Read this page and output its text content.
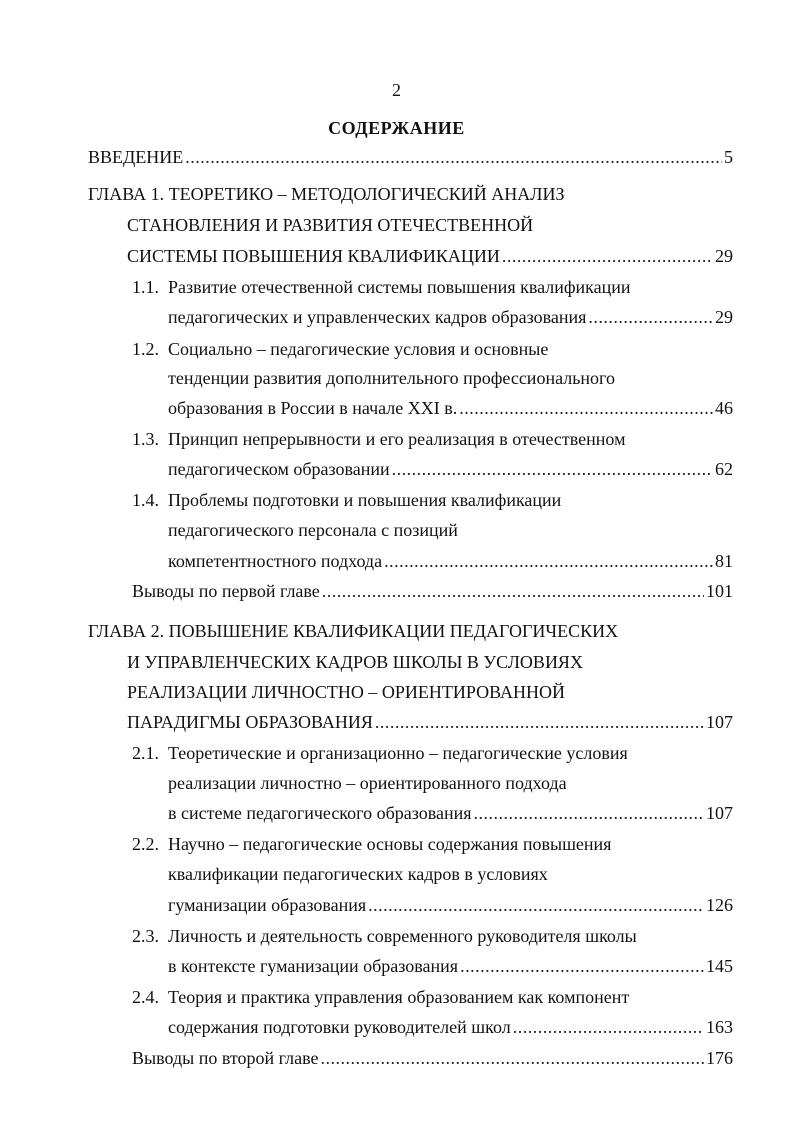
2
СОДЕРЖАНИЕ
ВВЕДЕНИЕ .....	5
ГЛАВА 1. ТЕОРЕТИКО – МЕТОДОЛОГИЧЕСКИЙ АНАЛИЗ
СТАНОВЛЕНИЯ И РАЗВИТИЯ ОТЕЧЕСТВЕННОЙ
СИСТЕМЫ ПОВЫШЕНИЯ КВАЛИФИКАЦИИ .....	29
1.1. Развитие отечественной системы повышения квалификации
педагогических и управленческих кадров образования .....	29
1.2. Социально – педагогические условия и основные
тенденции развития дополнительного профессионального
образования в России в начале XXI в. .....	46
1.3. Принцип непрерывности и его реализация в отечественном
педагогическом образовании .....	62
1.4. Проблемы подготовки и повышения квалификации
педагогического персонала с позиций
компетентностного подхода .....	81
Выводы по первой главе .....	101
ГЛАВА 2. ПОВЫШЕНИЕ КВАЛИФИКАЦИИ ПЕДАГОГИЧЕСКИХ
И УПРАВЛЕНЧЕСКИХ КАДРОВ ШКОЛЫ В УСЛОВИЯХ
РЕАЛИЗАЦИИ ЛИЧНОСТНО – ОРИЕНТИРОВАННОЙ
ПАРАДИГМЫ ОБРАЗОВАНИЯ .....	107
2.1. Теоретические и организационно – педагогические условия
реализации личностно – ориентированного подхода
в системе педагогического образования .....	107
2.2. Научно – педагогические основы содержания повышения
квалификации педагогических кадров в условиях
гуманизации образования .....	126
2.3. Личность и деятельность современного руководителя школы
в контексте гуманизации образования .....	145
2.4. Теория и практика управления образованием как компонент
содержания подготовки руководителей школ .....	163
Выводы по второй главе .....	176
